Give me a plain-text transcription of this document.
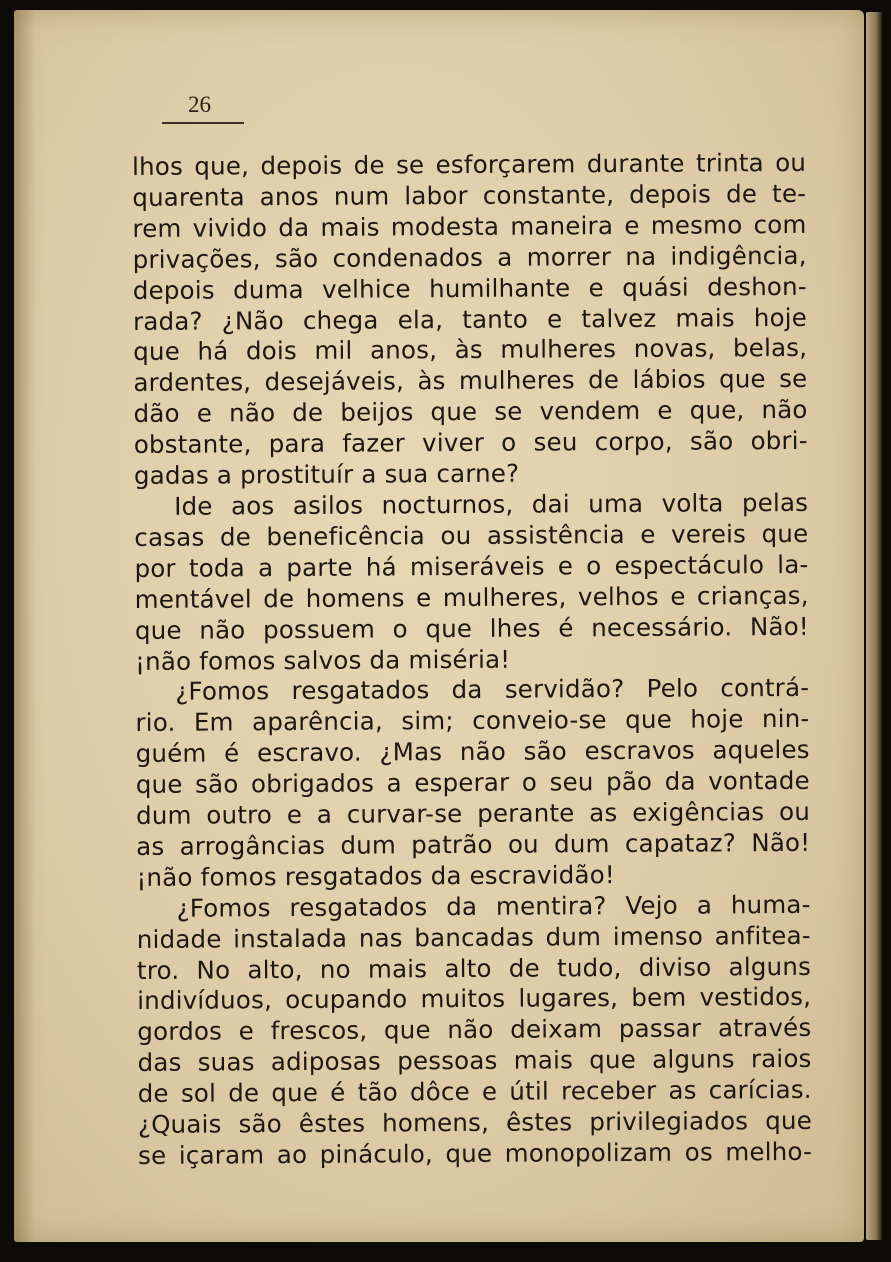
26
lhos que, depois de se esforçarem durante trinta ou
quarenta anos num labor constante, depois de te-
rem vivido da mais modesta maneira e mesmo com
privações, são condenados a morrer na indigência,
depois duma velhice humilhante e quási deshon-
rada? ¿Não chega ela, tanto e talvez mais hoje
que há dois mil anos, às mulheres novas, belas,
ardentes, desejáveis, às mulheres de lábios que se
dão e não de beijos que se vendem e que, não
obstante, para fazer viver o seu corpo, são obri-
gadas a prostituír a sua carne?
Ide aos asilos nocturnos, dai uma volta pelas
casas de beneficência ou assistência e vereis que
por toda a parte há miseráveis e o espectáculo la-
mentável de homens e mulheres, velhos e crianças,
que não possuem o que lhes é necessário. Não!
¡não fomos salvos da miséria!
¿Fomos resgatados da servidão? Pelo contrá-
rio. Em aparência, sim; conveio-se que hoje nin-
guém é escravo. ¿Mas não são escravos aqueles
que são obrigados a esperar o seu pão da vontade
dum outro e a curvar-se perante as exigências ou
as arrogâncias dum patrão ou dum capataz? Não!
¡não fomos resgatados da escravidão!
¿Fomos resgatados da mentira? Vejo a huma-
nidade instalada nas bancadas dum imenso anfitea-
tro. No alto, no mais alto de tudo, diviso alguns
indivíduos, ocupando muitos lugares, bem vestidos,
gordos e frescos, que não deixam passar através
das suas adiposas pessoas mais que alguns raios
de sol de que é tão dôce e útil receber as carícias.
¿Quais são êstes homens, êstes privilegiados que
se içaram ao pináculo, que monopolizam os melho-
